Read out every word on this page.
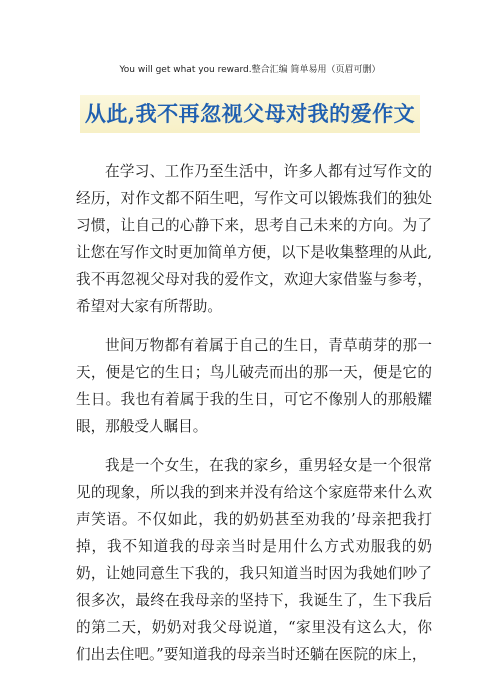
You will get what you reward.整合汇编 简单易用（页眉可删）
从此,我不再忽视父母对我的爱作文

在学习、工作乃至生活中，许多人都有过写作文的经历，对作文都不陌生吧，写作文可以锻炼我们的独处习惯，让自己的心静下来，思考自己未来的方向。为了让您在写作文时更加简单方便，以下是收集整理的从此,我不再忽视父母对我的爱作文，欢迎大家借鉴与参考，希望对大家有所帮助。

世间万物都有着属于自己的生日，青草萌芽的那一天，便是它的生日；鸟儿破壳而出的那一天，便是它的生日。我也有着属于我的生日，可它不像别人的那般耀眼，那般受人瞩目。

我是一个女生，在我的家乡，重男轻女是一个很常见的现象，所以我的到来并没有给这个家庭带来什么欢声笑语。不仅如此，我的奶奶甚至劝我的’母亲把我打掉，我不知道我的母亲当时是用什么方式劝服我的奶奶，让她同意生下我的，我只知道当时因为我她们吵了很多次，最终在我母亲的坚持下，我诞生了，生下我后的第二天，奶奶对我父母说道，“家里没有这么大，你们出去住吧。”要知道我的母亲当时还躺在医院的床上，
